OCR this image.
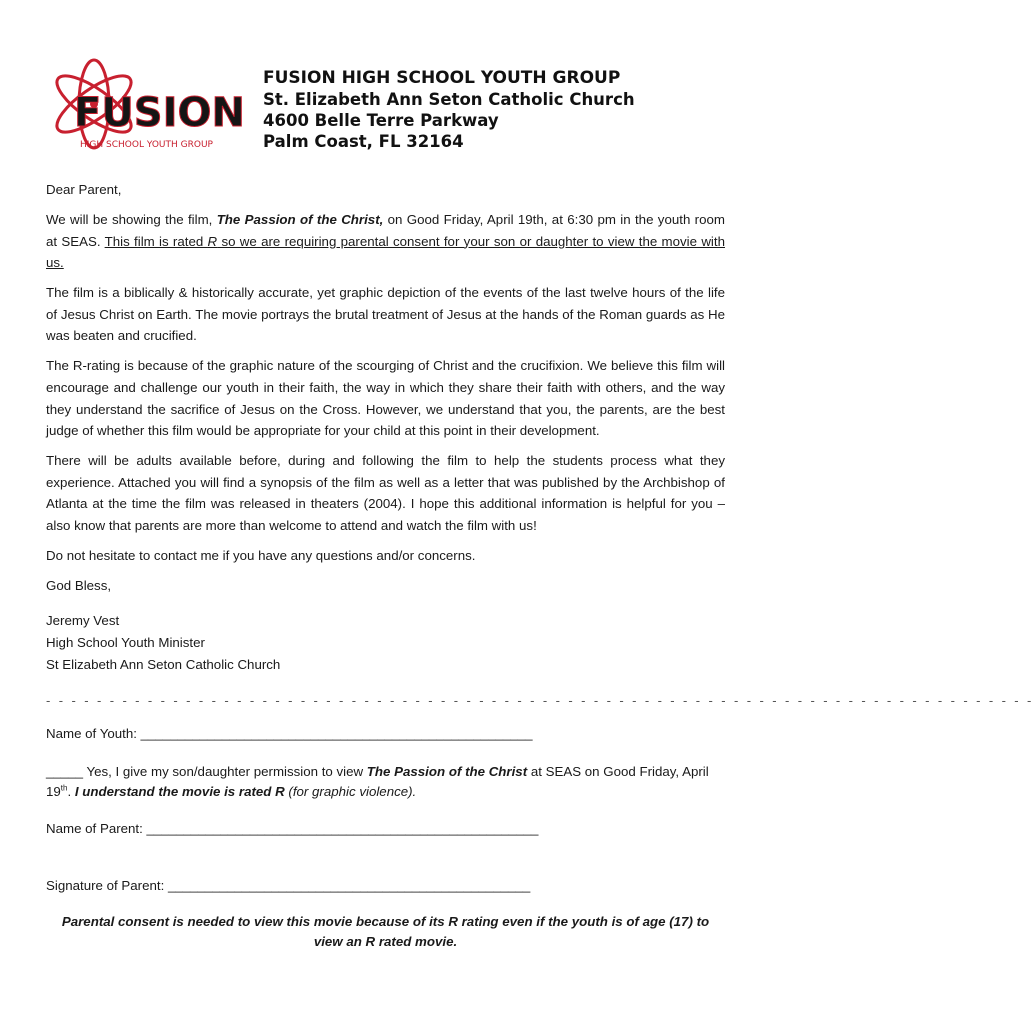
FUSION
HIGH SCHOOL YOUTH GROUP
FUSION HIGH SCHOOL YOUTH GROUP
St. Elizabeth Ann Seton Catholic Church
4600 Belle Terre Parkway
Palm Coast, FL 32164

Dear Parent,

We will be showing the film, The Passion of the Christ, on Good Friday, April 19th, at 6:30 pm in the youth room at SEAS. This film is rated R so we are requiring parental consent for your son or daughter to view the movie with us.

The film is a biblically & historically accurate, yet graphic depiction of the events of the last twelve hours of the life of Jesus Christ on Earth. The movie portrays the brutal treatment of Jesus at the hands of the Roman guards as He was beaten and crucified.

The R-rating is because of the graphic nature of the scourging of Christ and the crucifixion. We believe this film will encourage and challenge our youth in their faith, the way in which they share their faith with others, and the way they understand the sacrifice of Jesus on the Cross. However, we understand that you, the parents, are the best judge of whether this film would be appropriate for your child at this point in their development.

There will be adults available before, during and following the film to help the students process what they experience. Attached you will find a synopsis of the film as well as a letter that was published by the Archbishop of Atlanta at the time the film was released in theaters (2004). I hope this additional information is helpful for you – also know that parents are more than welcome to attend and watch the film with us!

Do not hesitate to contact me if you have any questions and/or concerns.

God Bless,

Jeremy Vest
High School Youth Minister
St Elizabeth Ann Seton Catholic Church
- - - - - - - - - - - - - - - - - - - - - - - - - - - - - - - - - - - - - - - - - - - - - - - - - - - - - - - - - - - - - - - - - - - - - - - - - - - - - -
Name of Youth: _____________________________________________________
_____ Yes, I give my son/daughter permission to view The Passion of the Christ at SEAS on Good Friday, April 19th. I understand the movie is rated R (for graphic violence).
Name of Parent: _____________________________________________________
Signature of Parent: _________________________________________________
Parental consent is needed to view this movie because of its R rating even if the youth is of age (17) to view an R rated movie.
